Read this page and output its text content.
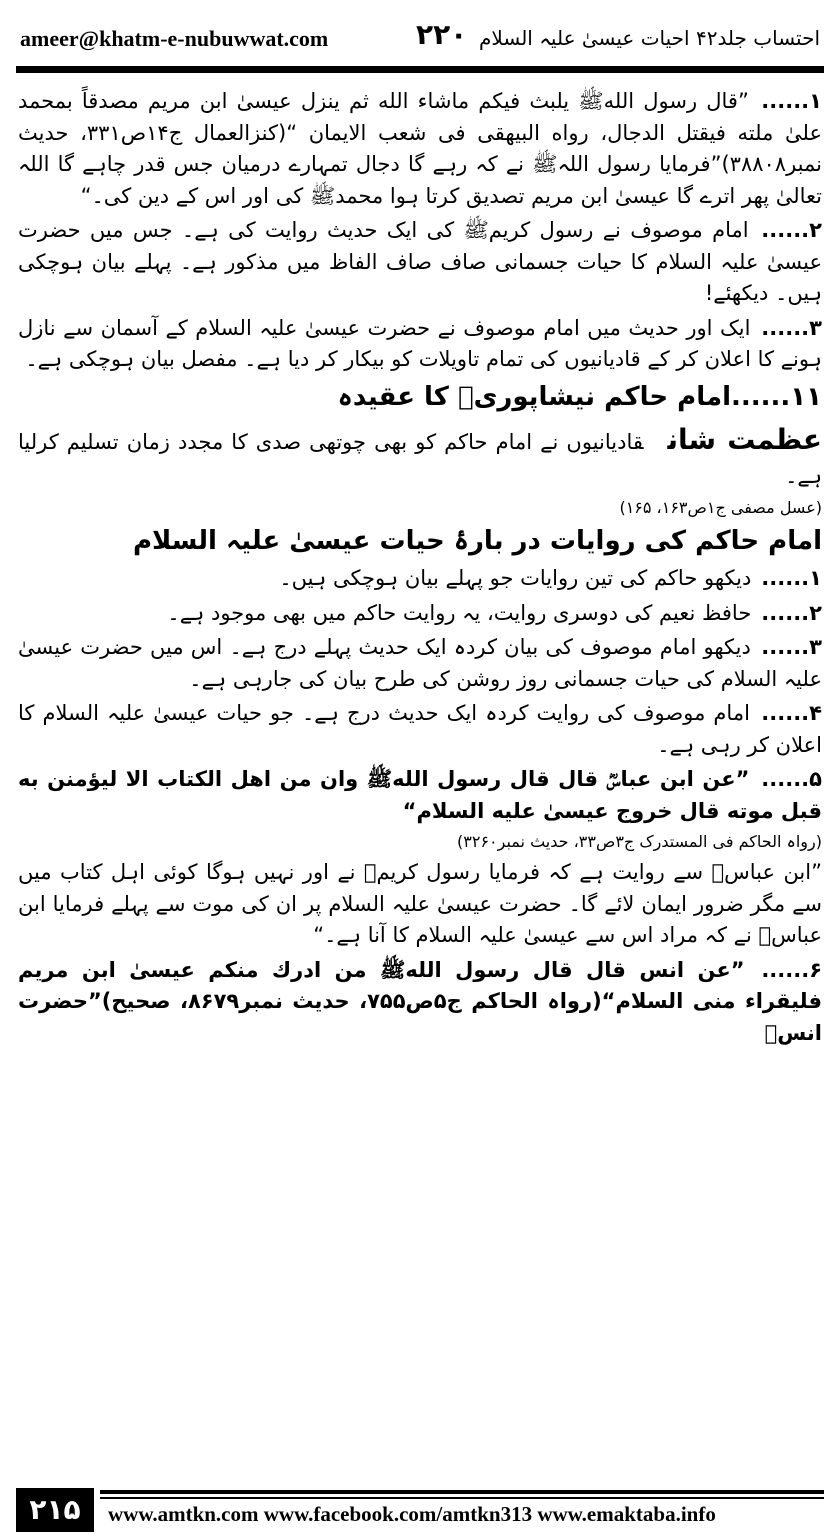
ameer@khatm-e-nubuwwat.com	۲۲۰ احتساب جلد۴۲ احیات عیسیٰ علیہ السلام
۱...... ”قال رسول اللهﷺ يلبث فيكم ماشاء الله ثم ينزل عيسىٰ ابن مريم مصدقاً بمحمد علىٰ ملته فيقتل الدجال، رواه البيهقى فى شعب الايمان “(کنزالعمال ج۱۴ص۳۳۱، حدیث نمبر۳۸۸۰۸)”فرمایا رسول اللہﷺ نے کہ رہے گا دجال تمہارے درمیان جس قدر چاہے گا اللہ تعالیٰ پھر اترے گا عیسیٰ ابن مریم تصدیق کرتا ہوا محمدﷺ کی اور اس کے دین کی۔“
۲...... امام موصوف نے رسول کریمﷺ کی ایک حدیث روایت کی ہے۔ جس میں حضرت عیسیٰ علیہ السلام کا حیات جسمانی صاف صاف الفاظ میں مذکور ہے۔ پہلے بیان ہوچکی ہیں۔ دیکھئے!
۳...... ایک اور حدیث میں امام موصوف نے حضرت عیسیٰ علیہ السلام کے آسمان سے نازل ہونے کا اعلان کر کے قادیانیوں کی تمام تاویلات کو بیکار کر دیا ہے۔ مفصل بیان ہوچکی ہے۔
۱۱......امام حاکم نیشاپوریؒ کا عقیدہ
عظمت شانقادیانیوں نے امام حاکم کو بھی چوتھی صدی کا مجدد زمان تسلیم کرلیا ہے۔
(عسل مصفی ج۱ص۱۶۳، ۱۶۵)
امام حاکم کی روایات در بارۂ حیات عیسیٰ علیہ السلام
۱...... دیکھو حاکم کی تین روایات جو پہلے بیان ہوچکی ہیں۔
۲...... حافظ نعیم کی دوسری روایت، یہ روایت حاکم میں بھی موجود ہے۔
۳...... دیکھو امام موصوف کی بیان کردہ ایک حدیث پہلے درج ہے۔ اس میں حضرت عیسیٰ علیہ السلام کی حیات جسمانی روز روشن کی طرح بیان کی جارہی ہے۔
۴...... امام موصوف کی روایت کردہ ایک حدیث درج ہے۔ جو حیات عیسیٰ علیہ السلام کا اعلان کر رہی ہے۔
۵...... ”عن ابن عباسؓ قال قال رسول اللهﷺ وان من اهل الكتاب الا ليؤمنن به قبل موته قال خروج عيسىٰ عليه السلام“
(رواہ الحاکم فی المستدرک ج۳ص۳۳، حدیث نمبر۳۲۶۰)
”ابن عباسؓ سے روایت ہے کہ فرمایا رسول کریمﷺ نے اور نہیں ہوگا کوئی اہل کتاب میں سے مگر ضرور ایمان لائے گا۔ حضرت عیسیٰ علیہ السلام پر ان کی موت سے پہلے فرمایا ابن عباسؓ نے کہ مراد اس سے عیسیٰ علیہ السلام کا آنا ہے۔“
۶...... ”عن انس قال قال رسول اللهﷺ من ادرك منكم عيسىٰ ابن مريم فليقراء منى السلام“(رواہ الحاکم ج۵ص۷۵۵، حدیث نمبر۸۶۷۹، صحیح)”حضرت انسؓ
۲۱۵	www.amtkn.com www.facebook.com/amtkn313 www.emaktaba.info
